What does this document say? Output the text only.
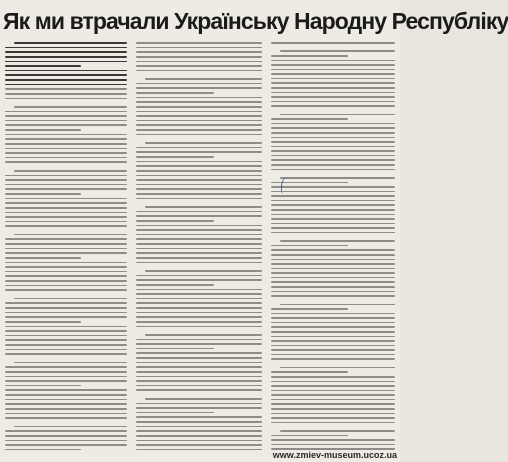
Як ми втрачали Українську Народну Республіку

www.zmiev-museum.ucoz.ua
